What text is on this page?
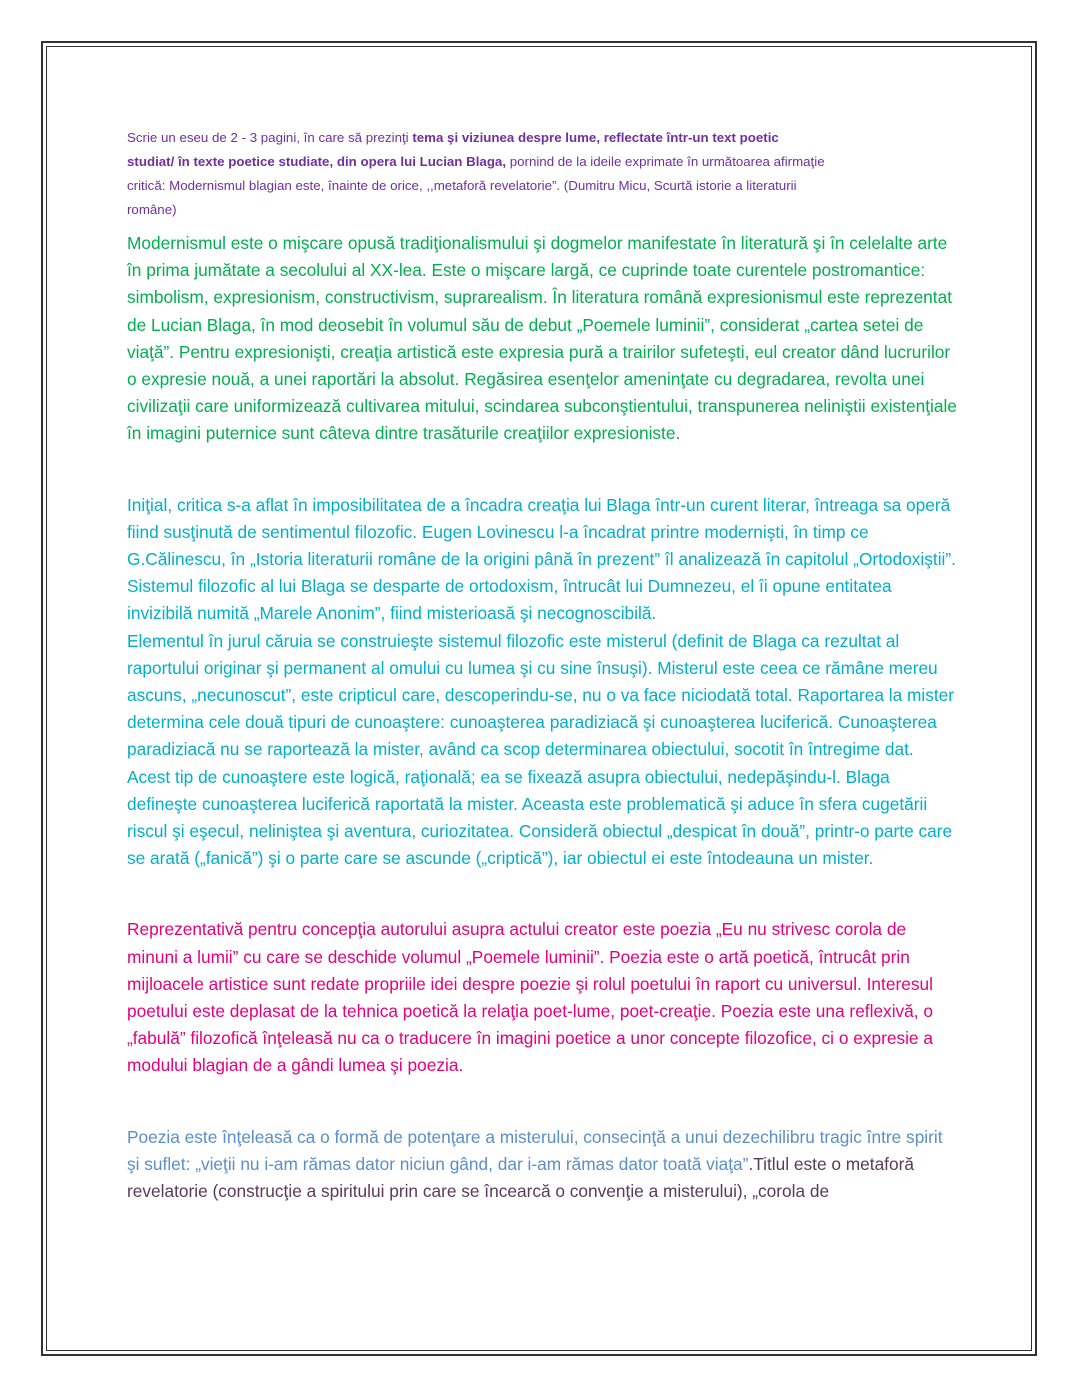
Scrie un eseu de 2 - 3 pagini, în care să prezinţi tema şi viziunea despre lume, reflectate într-un text poetic studiat/ în texte poetice studiate, din opera lui Lucian Blaga, pornind de la ideile exprimate în următoarea afirmaţie critică: Modernismul blagian este, înainte de orice, ,,metaforă revelatorie”. (Dumitru Micu, Scurtă istorie a literaturii române)

Modernismul este o mişcare opusă tradiţionalismului şi dogmelor manifestate în literatură şi în celelalte arte în prima jumătate a secolului al XX-lea. Este o mişcare largă, ce cuprinde toate curentele postromantice: simbolism, expresionism, constructivism, suprarealism. În literatura română expresionismul este reprezentat de Lucian Blaga, în mod deosebit în volumul său de debut „Poemele luminii”, considerat „cartea setei de viaţă”. Pentru expresionişti, creaţia artistică este expresia pură a trairilor sufeteşti, eul creator dând lucrurilor o expresie nouă, a unei raportări la absolut. Regăsirea esenţelor ameninţate cu degradarea, revolta unei civilizaţii care uniformizează cultivarea mitului, scindarea subconştientului, transpunerea neliniştii existenţiale în imagini puternice sunt câteva dintre trasăturile creaţiilor expresioniste.

Iniţial, critica s-a aflat în imposibilitatea de a încadra creaţia lui Blaga într-un curent literar, întreaga sa operă fiind susţinută de sentimentul filozofic. Eugen Lovinescu l-a încadrat printre modernişti, în timp ce G.Călinescu, în „Istoria literaturii române de la origini până în prezent” îl analizează în capitolul „Ortodoxiştii”. Sistemul filozofic al lui Blaga se desparte de ortodoxism, întrucât lui Dumnezeu, el îi opune entitatea invizibilă numită „Marele Anonim”, fiind misterioasă şi necognoscibilă.
Elementul în jurul căruia se construieşte sistemul filozofic este misterul (definit de Blaga ca rezultat al raportului originar şi permanent al omului cu lumea şi cu sine însuşi). Misterul este ceea ce rămâne mereu ascuns, „necunoscut”, este cripticul care, descoperindu-se, nu o va face niciodată total. Raportarea la mister determina cele două tipuri de cunoaştere: cunoaşterea paradiziacă şi cunoaşterea luciferică. Cunoaşterea paradiziacă nu se raportează la mister, având ca scop determinarea obiectului, socotit în întregime dat. Acest tip de cunoaştere este logică, raţională; ea se fixează asupra obiectului, nedepăşindu-l. Blaga defineşte cunoaşterea luciferică raportată la mister. Aceasta este problematică şi aduce în sfera cugetării riscul şi eşecul, neliniştea şi aventura, curiozitatea. Consideră obiectul „despicat în două”, printr-o parte care se arată („fanică”) şi o parte care se ascunde („criptică”), iar obiectul ei este întodeauna un mister.

Reprezentativă pentru concepţia autorului asupra actului creator este poezia „Eu nu strivesc corola de minuni a lumii” cu care se deschide volumul „Poemele luminii”. Poezia este o artă poetică, întrucât prin mijloacele artistice sunt redate propriile idei despre poezie şi rolul poetului în raport cu universul. Interesul poetului este deplasat de la tehnica poetică la relaţia poet-lume, poet-creaţie. Poezia este una reflexivă, o „fabulă” filozofică înţeleasă nu ca o traducere în imagini poetice a unor concepte filozofice, ci o expresie a modului blagian de a gândi lumea şi poezia.

Poezia este înţeleasă ca o formă de potenţare a misterului, consecinţă a unui dezechilibru tragic între spirit şi suflet: „vieţii nu i-am rămas dator niciun gând, dar i-am rămas dator toată viaţa”.Titlul este o metaforă revelatorie (construcţie a spiritului prin care se încearcă o convenţie a misterului), „corola de
